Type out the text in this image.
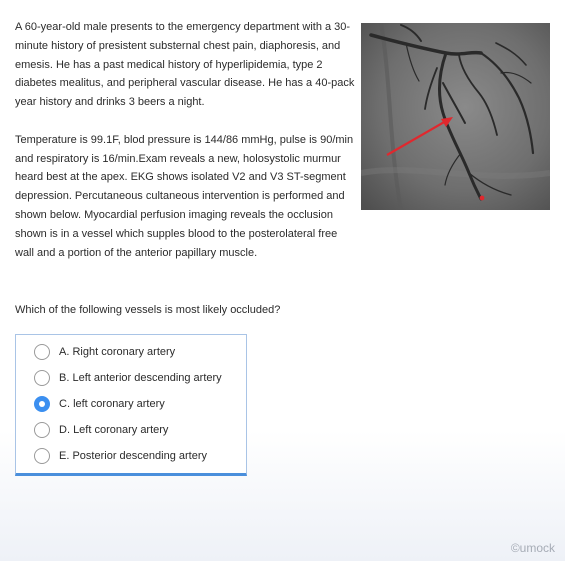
A 60-year-old male presents to the emergency department with a 30-minute history of presistent substernal chest pain, diaphoresis, and emesis. He has a past medical history of hyperlipidemia, type 2 diabetes mealitus, and peripheral vascular disease. He has a 40-pack year history and drinks 3 beers a night.

Temperature is 99.1F, blod pressure is 144/86 mmHg, pulse is 90/min and respiratory is 16/min.Exam reveals a new, holosystolic murmur heard best at the apex. EKG shows isolated V2 and V3 ST-segment depression. Percutaneous cultaneous intervention is performed and shown below. Myocardial perfusion imaging reveals the occlusion shown is in a vessel which supples blood to the posterolateral free wall and a portion of the anterior papillary muscle.

Which of the following vessels is most likely occluded?
A. Right coronary artery
B. Left anterior descending artery
C. left coronary artery
D. Left coronary artery
E. Posterior descending artery
©umock
